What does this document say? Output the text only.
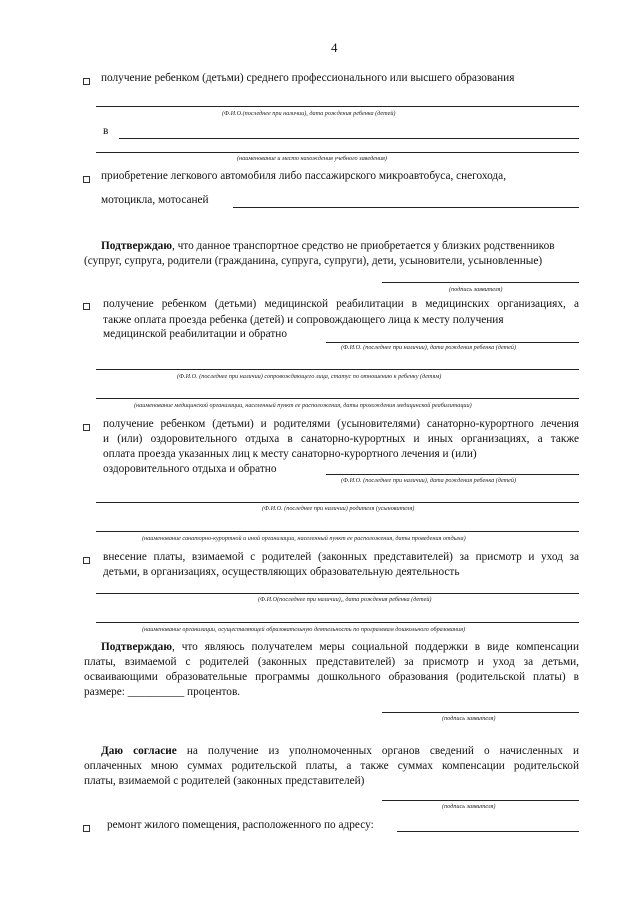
4
получение ребенком (детьми) среднего профессионального или высшего образования
(Ф.И.О.(последнее при наличии), дата рождения ребенка (детей)
в
(наименование и место нахождения учебного заведения)
приобретение легкового автомобиля либо пассажирского микроавтобуса, снегохода,
мотоцикла, мотосаней
Подтверждаю, что данное транспортное средство не приобретается у близких родственников
(супруг, супруга, родители (гражданина, супруга, супруги), дети, усыновители, усыновленные)
(подпись заявителя)
получение ребенком (детьми) медицинской реабилитации в медицинских организациях, а
также оплата проезда ребенка (детей) и сопровождающего лица к месту получения
медицинской реабилитации и обратно
(Ф.И.О. (последнее при наличии), дата рождения ребенка (детей)
(Ф.И.О. (последнее при наличии) сопровождающего лица, статус по отношению к ребенку (детям)
(наименование медицинской организации, населенный пункт ее расположения, даты прохождения медицинской реабилитации)
получение ребенком (детьми) и родителями (усыновителями) санаторно-курортного лечения
и (или) оздоровительного отдыха в санаторно-курортных и иных организациях, а также
оплата проезда указанных лиц к месту санаторно-курортного лечения и (или)
оздоровительного отдыха и обратно
(Ф.И.О. (последнее при наличии), дата рождения ребенка (детей)
(Ф.И.О. (последнее при наличии) родителя (усыновителя)
(наименование санаторно-курортной и иной организации, населенный пункт ее расположения, даты проведения отдыха)
внесение платы, взимаемой с родителей (законных представителей) за присмотр и уход за
детьми, в организациях, осуществляющих образовательную деятельность
(Ф.И.О(последнее при наличии),, дата рождения ребенка (детей)
(наименование организации, осуществляющей образовательную деятельность по программам дошкольного образования)
Подтверждаю, что являюсь получателем меры социальной поддержки в виде компенсации
платы, взимаемой с родителей (законных представителей) за присмотр и уход за детьми,
осваивающими образовательные программы дошкольного образования (родительской платы) в
размере: __________ процентов.
(подпись заявителя)
Даю согласие на получение из уполномоченных органов сведений о начисленных и
оплаченных мною суммах родительской платы, а также суммах компенсации родительской
платы, взимаемой с родителей (законных представителей)
(подпись заявителя)
ремонт жилого помещения, расположенного по адресу:
